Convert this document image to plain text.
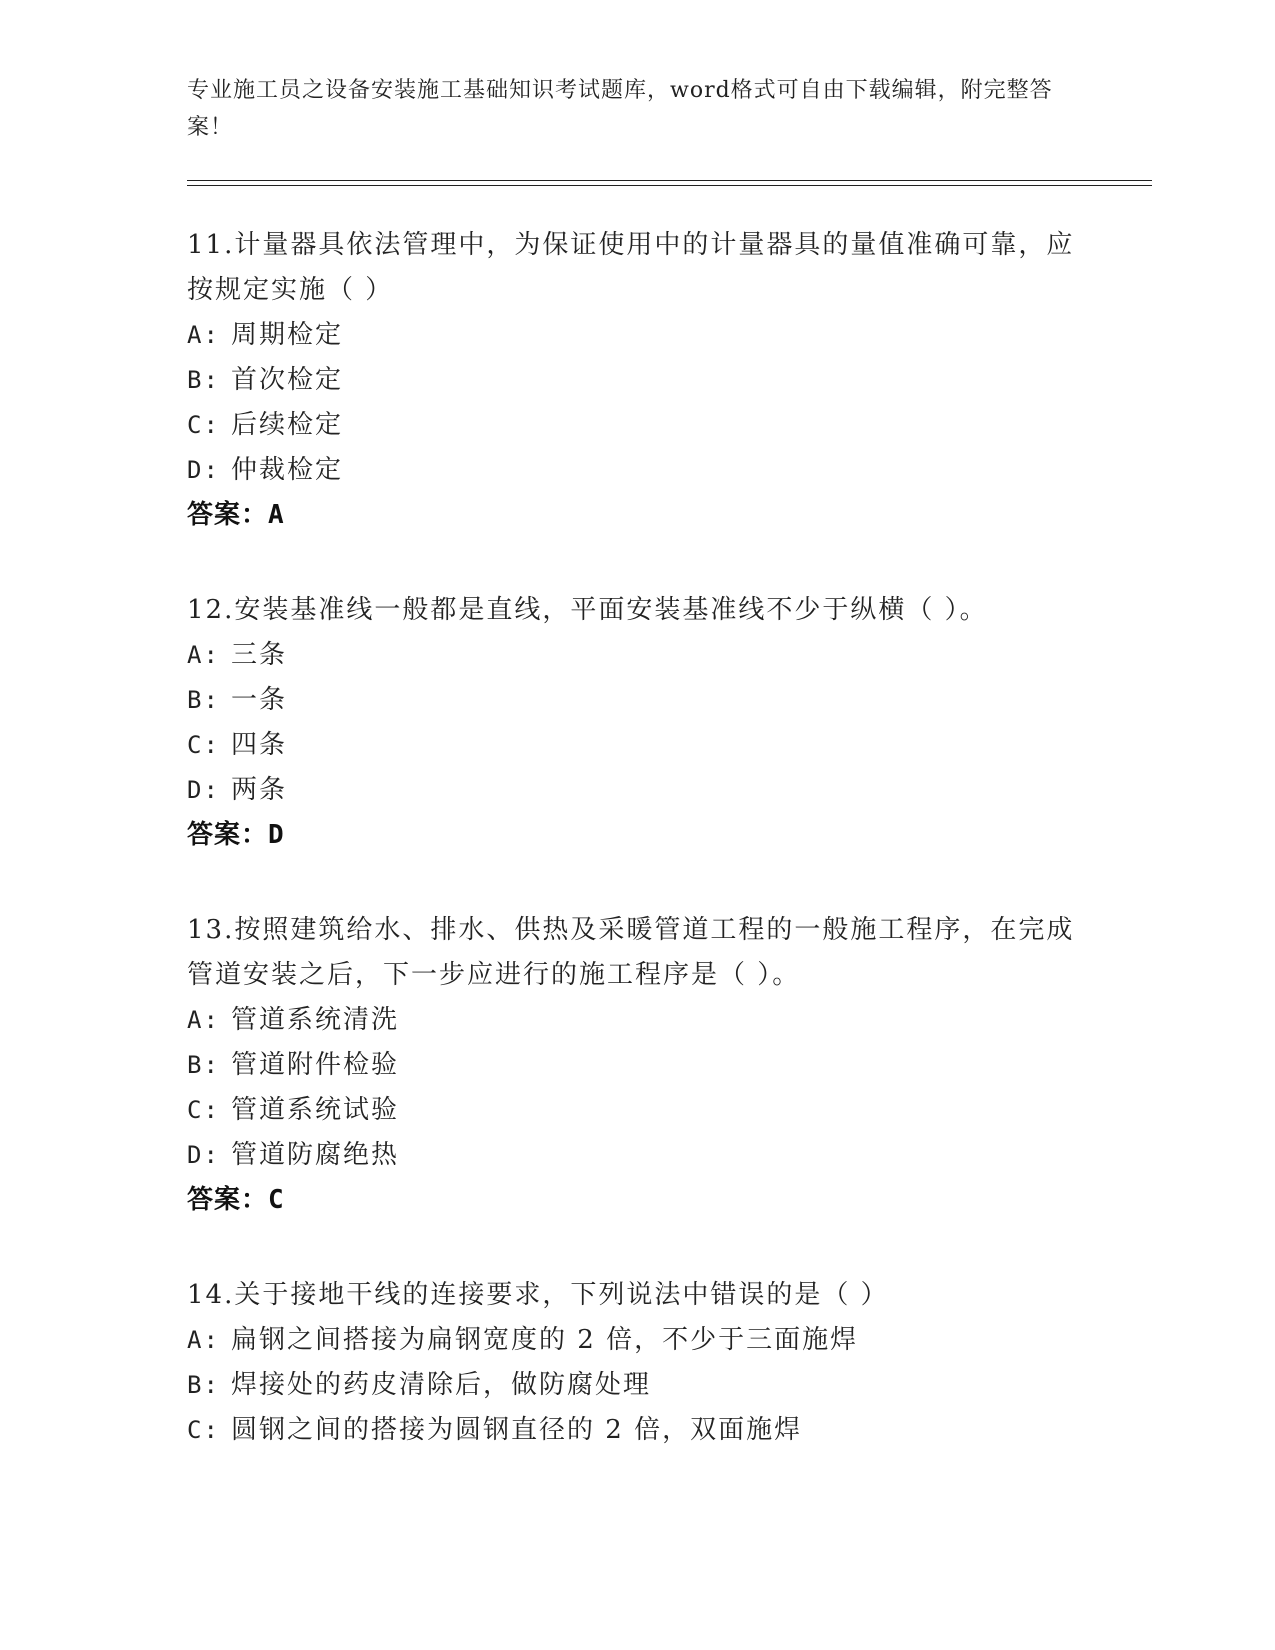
专业施工员之设备安装施工基础知识考试题库，word格式可自由下载编辑，附完整答案！

11.计量器具依法管理中，为保证使用中的计量器具的量值准确可靠，应按规定实施（ ）

A: 周期检定

B: 首次检定

C: 后续检定

D: 仲裁检定

答案：A

12.安装基准线一般都是直线，平面安装基准线不少于纵横（ ）。

A: 三条

B: 一条

C: 四条

D: 两条

答案：D

13.按照建筑给水、排水、供热及采暖管道工程的一般施工程序，在完成管道安装之后，下一步应进行的施工程序是（ ）。

A: 管道系统清洗

B: 管道附件检验

C: 管道系统试验

D: 管道防腐绝热

答案：C

14.关于接地干线的连接要求，下列说法中错误的是（ ）

A: 扁钢之间搭接为扁钢宽度的 2 倍，不少于三面施焊

B: 焊接处的药皮清除后，做防腐处理

C: 圆钢之间的搭接为圆钢直径的 2 倍，双面施焊
